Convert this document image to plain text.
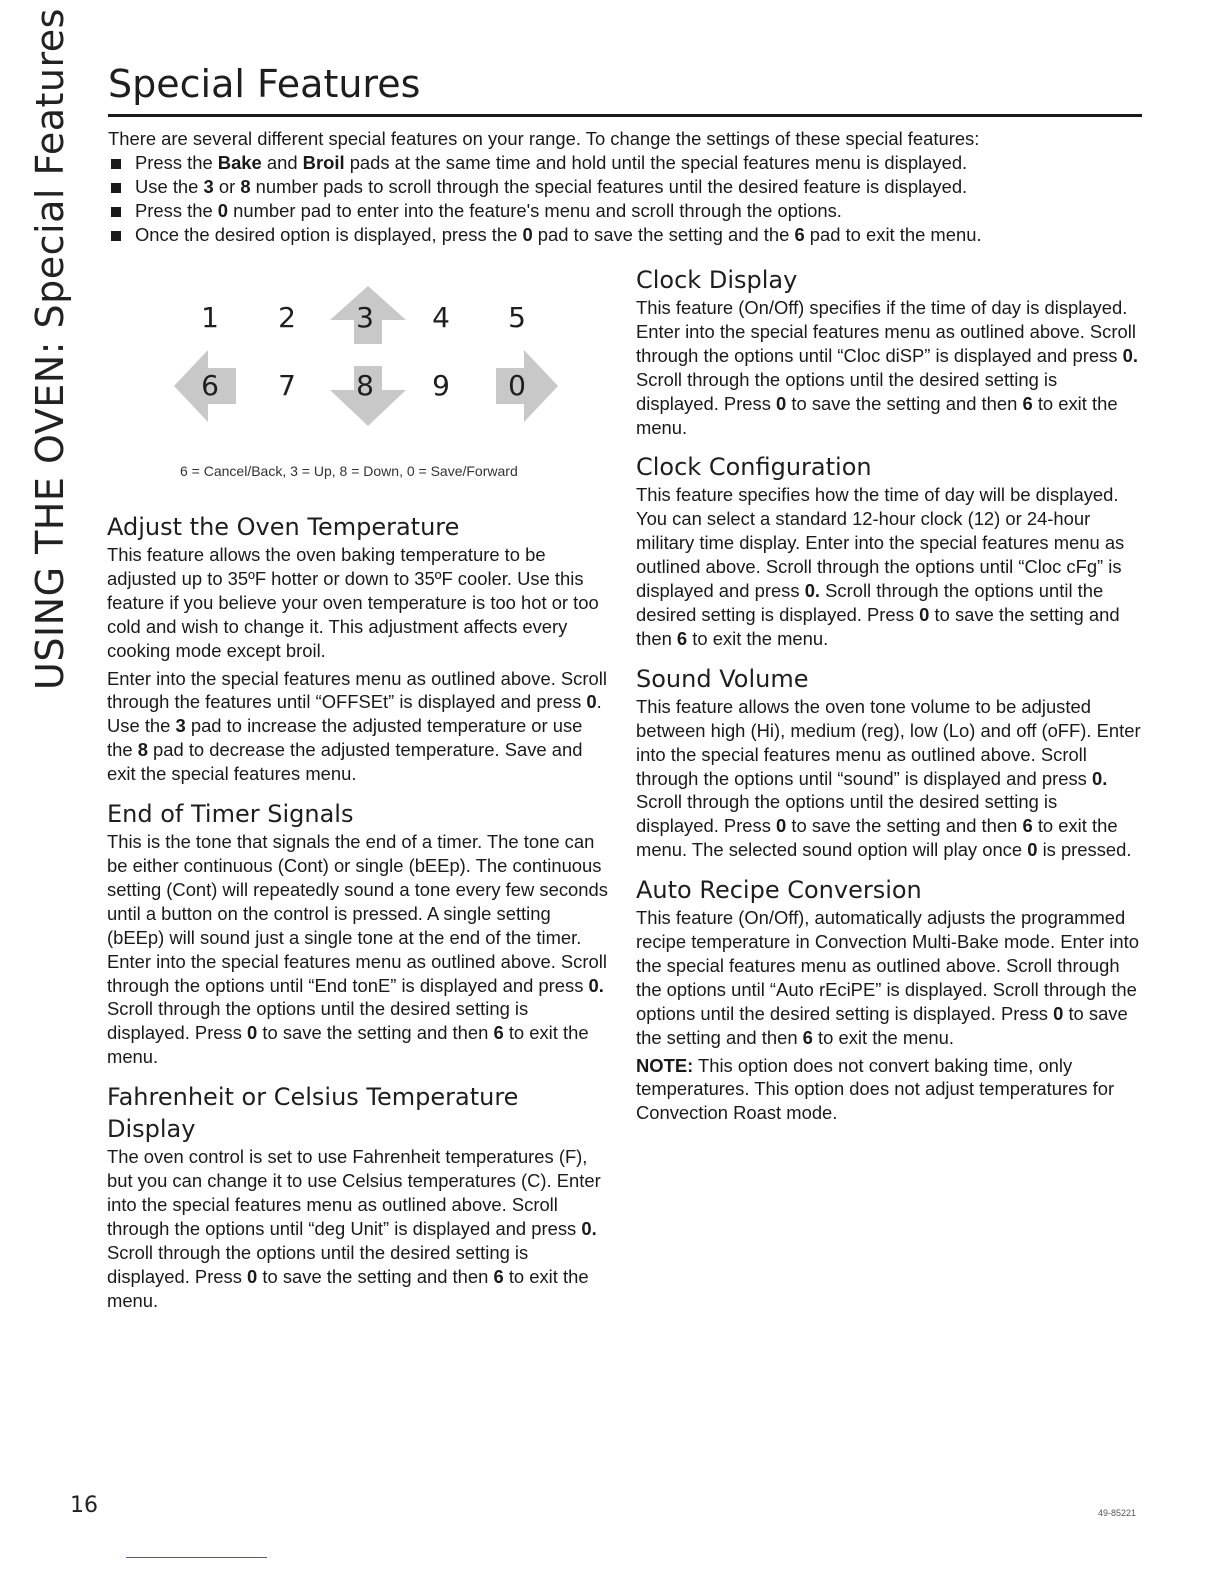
USING THE OVEN: Special Features Special Features

There are several different special features on your range. To change the settings of these special features:

Press the Bake and Broil pads at the same time and hold until the special features menu is displayed.
Use the 3 or 8 number pads to scroll through the special features until the desired feature is displayed.
Press the 0 number pad to enter into the feature's menu and scroll through the options.
Once the desired option is displayed, press the 0 pad to save the setting and the 6 pad to exit the menu.
1	2	3	4	5
6	7	8	9	0
6 = Cancel/Back, 3 = Up, 8 = Down, 0 = Save/Forward
Adjust the Oven Temperature

This feature allows the oven baking temperature to be adjusted up to 35ºF hotter or down to 35ºF cooler. Use this feature if you believe your oven temperature is too hot or too cold and wish to change it. This adjustment affects every cooking mode except broil.

Enter into the special features menu as outlined above. Scroll through the features until “OFFSEt” is displayed and press 0. Use the 3 pad to increase the adjusted temperature or use the 8 pad to decrease the adjusted temperature. Save and exit the special features menu.

End of Timer Signals

This is the tone that signals the end of a timer. The tone can be either continuous (Cont) or single (bEEp). The continuous setting (Cont) will repeatedly sound a tone every few seconds until a button on the control is pressed. A single setting (bEEp) will sound just a single tone at the end of the timer. Enter into the special features menu as outlined above. Scroll through the options until “End tonE” is displayed and press 0. Scroll through the options until the desired setting is displayed. Press 0 to save the setting and then 6 to exit the menu.

Fahrenheit or Celsius Temperature Display

The oven control is set to use Fahrenheit temperatures (F), but you can change it to use Celsius temperatures (C). Enter into the special features menu as outlined above. Scroll through the options until “deg Unit” is displayed and press 0. Scroll through the options until the desired setting is displayed. Press 0 to save the setting and then 6 to exit the menu.

Clock Display

This feature (On/Off) specifies if the time of day is displayed. Enter into the special features menu as outlined above. Scroll through the options until “Cloc diSP” is displayed and press 0. Scroll through the options until the desired setting is displayed. Press 0 to save the setting and then 6 to exit the menu.

Clock Configuration

This feature specifies how the time of day will be displayed. You can select a standard 12-hour clock (12) or 24-hour military time display. Enter into the special features menu as outlined above. Scroll through the options until “Cloc cFg” is displayed and press 0. Scroll through the options until the desired setting is displayed. Press 0 to save the setting and then 6 to exit the menu.

Sound Volume

This feature allows the oven tone volume to be adjusted between high (Hi), medium (reg), low (Lo) and off (oFF). Enter into the special features menu as outlined above. Scroll through the options until “sound” is displayed and press 0. Scroll through the options until the desired setting is displayed. Press 0 to save the setting and then 6 to exit the menu. The selected sound option will play once 0 is pressed.

Auto Recipe Conversion

This feature (On/Off), automatically adjusts the programmed recipe temperature in Convection Multi-Bake mode. Enter into the special features menu as outlined above. Scroll through the options until “Auto rEciPE” is displayed. Scroll through the options until the desired setting is displayed. Press 0 to save the setting and then 6 to exit the menu.

NOTE: This option does not convert baking time, only temperatures. This option does not adjust temperatures for Convection Roast mode.

16	49-85221
